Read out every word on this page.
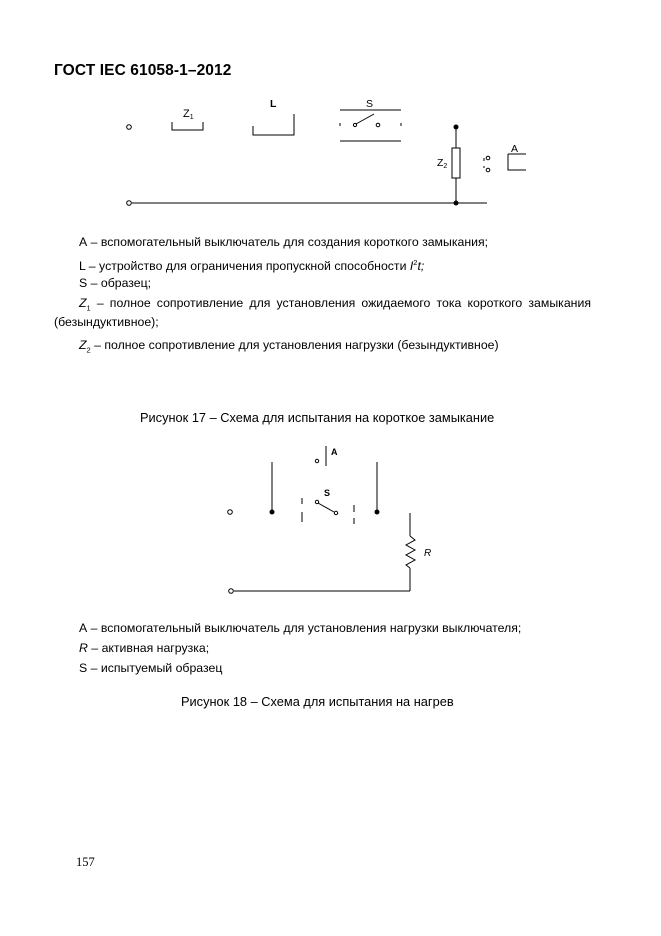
ГОСТ IEC 61058-1–2012
Z1
L	S
Z2
A
А – вспомогательный выключатель для создания короткого замыкания;
L – устройство для ограничения пропускной способности $I^2t$;
S – образец;
$Z_1$ – полное сопротивление для установления ожидаемого тока короткого замыкания (безындуктивное);
$Z_2$ – полное сопротивление для установления нагрузки (безындуктивное)
Рисунок 17 – Схема для испытания на короткое замыкание
A
S
R
А – вспомогательный выключатель для установления нагрузки выключателя;
R – активная нагрузка;
S – испытуемый образец
Рисунок 18 – Схема для испытания на нагрев
157
